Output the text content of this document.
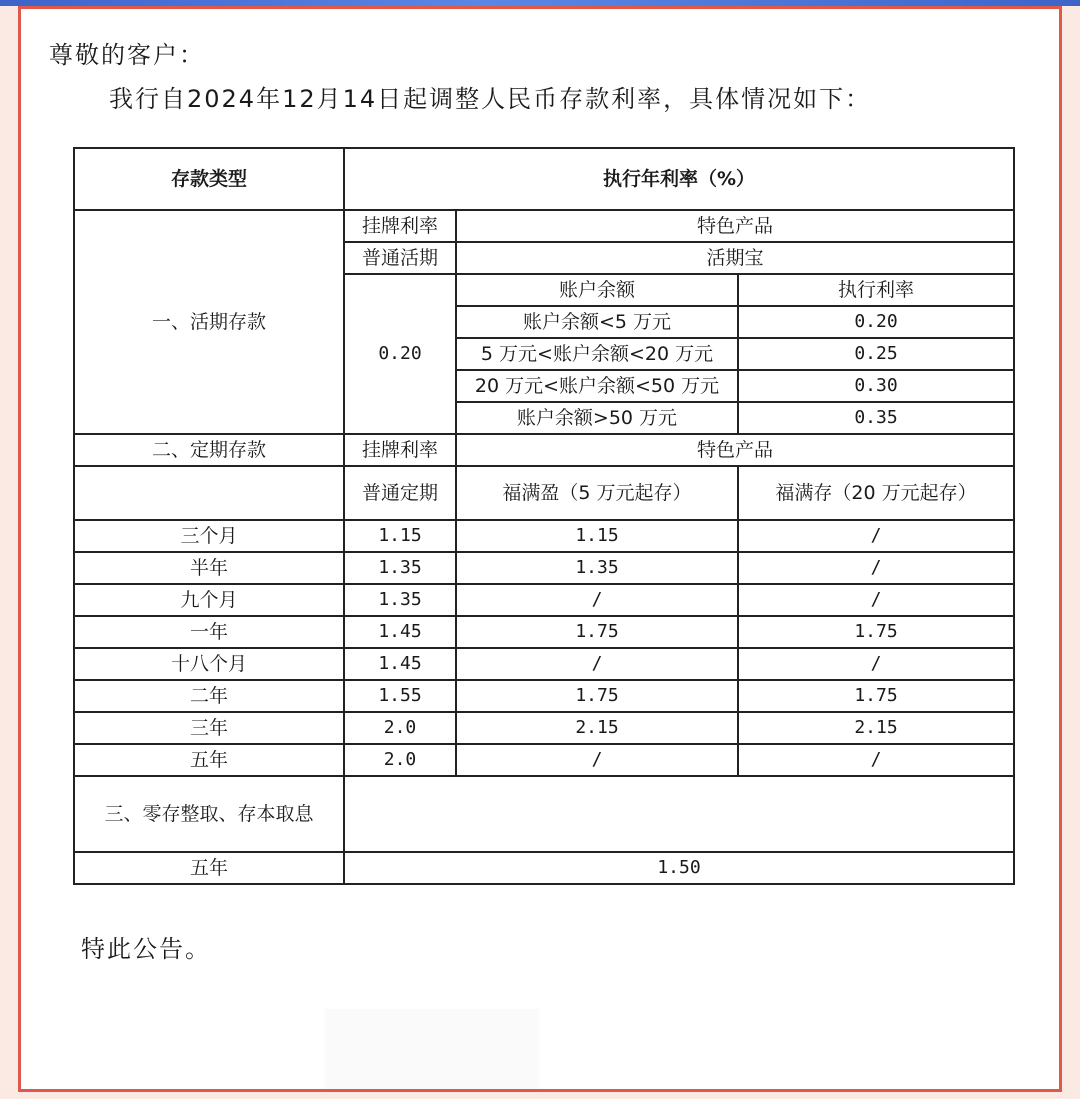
尊敬的客户：
我行自2024年12月14日起调整人民币存款利率，具体情况如下：
存款类型	执行年利率（%）		
一、活期存款	挂牌利率	特色产品	
	普通活期	活期宝	
	0.20	账户余额	执行利率
		账户余额<5 万元	0.20
		5 万元<账户余额<20 万元	0.25
		20 万元<账户余额<50 万元	0.30
		账户余额>50 万元	0.35
二、定期存款	挂牌利率	特色产品	
	普通定期	福满盈（5 万元起存）	福满存（20 万元起存）
三个月	1.15	1.15	/
半年	1.35	1.35	/
九个月	1.35	/	/
一年	1.45	1.75	1.75
十八个月	1.45	/	/
二年	1.55	1.75	1.75
三年	2.0	2.15	2.15
五年	2.0	/	/
三、零存整取、存本取息			
五年	1.50		
特此公告。
